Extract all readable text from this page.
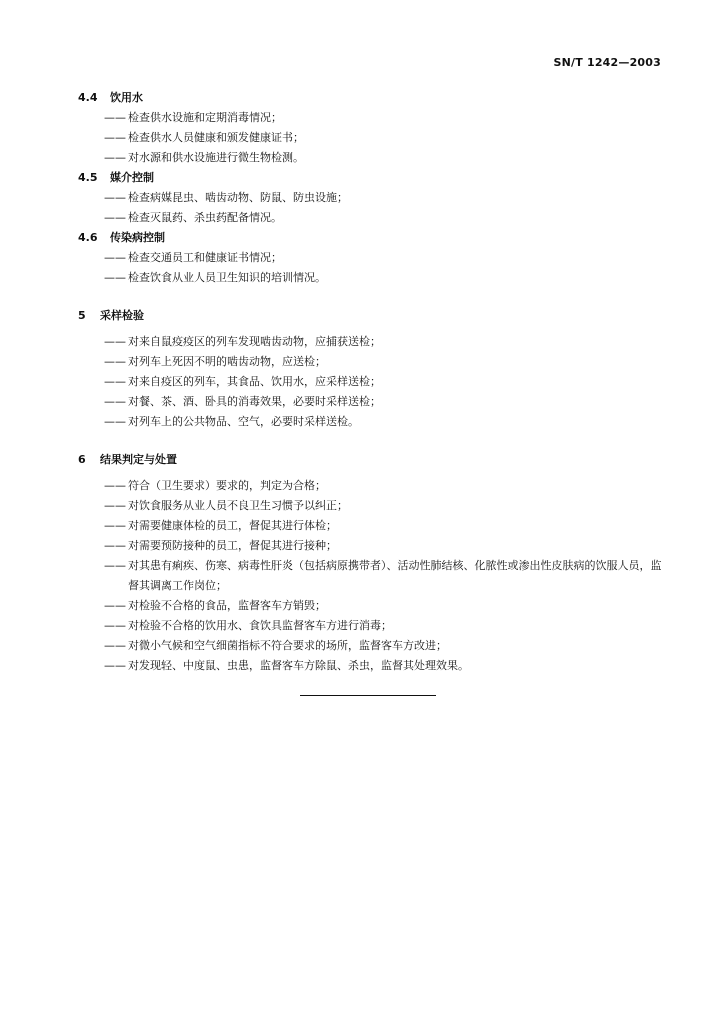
SN/T 1242—2003
4.4 饮用水
—— 检查供水设施和定期消毒情况；
—— 检查供水人员健康和颁发健康证书；
—— 对水源和供水设施进行微生物检测。
4.5 媒介控制
—— 检查病媒昆虫、啮齿动物、防鼠、防虫设施；
—— 检查灭鼠药、杀虫药配备情况。
4.6 传染病控制
—— 检查交通员工和健康证书情况；
—— 检查饮食从业人员卫生知识的培训情况。
5 采样检验
—— 对来自鼠疫疫区的列车发现啮齿动物，应捕获送检；
—— 对列车上死因不明的啮齿动物，应送检；
—— 对来自疫区的列车，其食品、饮用水，应采样送检；
—— 对餐、茶、酒、卧具的消毒效果，必要时采样送检；
—— 对列车上的公共物品、空气，必要时采样送检。
6 结果判定与处置
—— 符合（卫生要求）要求的，判定为合格；
—— 对饮食服务从业人员不良卫生习惯予以纠正；
—— 对需要健康体检的员工，督促其进行体检；
—— 对需要预防接种的员工，督促其进行接种；
—— 对其患有痢疾、伤寒、病毒性肝炎（包括病原携带者）、活动性肺结核、化脓性或渗出性皮肤病的饮服人员，监督其调离工作岗位；
—— 对检验不合格的食品，监督客车方销毁；
—— 对检验不合格的饮用水、食饮具监督客车方进行消毒；
—— 对微小气候和空气细菌指标不符合要求的场所，监督客车方改进；
—— 对发现轻、中度鼠、虫患，监督客车方除鼠、杀虫，监督其处理效果。
